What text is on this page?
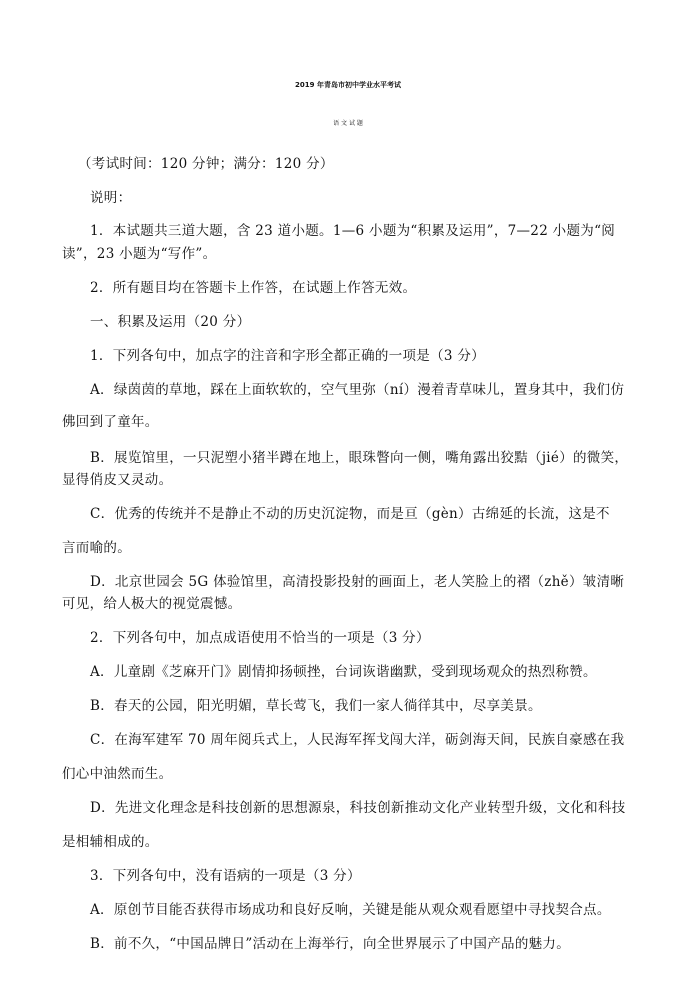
2019 年青岛市初中学业水平考试
语 文 试 题
（考试时间：120 分钟；满分：120 分）
说明：
1．本试题共三道大题，含 23 道小题。1—6 小题为“积累及运用”，7—22 小题为“阅
读”，23 小题为“写作”。
2．所有题目均在答题卡上作答，在试题上作答无效。
一、积累及运用（20 分）
1．下列各句中，加点字的注音和字形全都正确的一项是（3 分）
A．绿茵茵的草地，踩在上面软软的，空气里弥（ní）漫着青草味儿，置身其中，我们仿
佛回到了童年。
B．展览馆里，一只泥塑小猪半蹲在地上，眼珠瞥向一侧，嘴角露出狡黠（jié）的微笑，
显得俏皮又灵动。
C．优秀的传统并不是静止不动的历史沉淀物，而是亘（gèn）古绵延的长流，这是不
言而喻的。
D．北京世园会 5G 体验馆里，高清投影投射的画面上，老人笑脸上的褶（zhě）皱清晰
可见，给人极大的视觉震憾。
2．下列各句中，加点成语使用不恰当的一项是（3 分）
A．儿童剧《芝麻开门》剧情抑扬顿挫，台词诙谐幽默，受到现场观众的热烈称赞。
B．春天的公园，阳光明媚，草长莺飞，我们一家人徜徉其中，尽享美景。
C．在海军建军 70 周年阅兵式上，人民海军挥戈闯大洋，砺剑海天间，民族自豪感在我
们心中油然而生。
D．先进文化理念是科技创新的思想源泉，科技创新推动文化产业转型升级，文化和科技
是相辅相成的。
3．下列各句中，没有语病的一项是（3 分）
A．原创节目能否获得市场成功和良好反响，关键是能从观众观看愿望中寻找契合点。
B．前不久，“中国品牌日”活动在上海举行，向全世界展示了中国产品的魅力。
